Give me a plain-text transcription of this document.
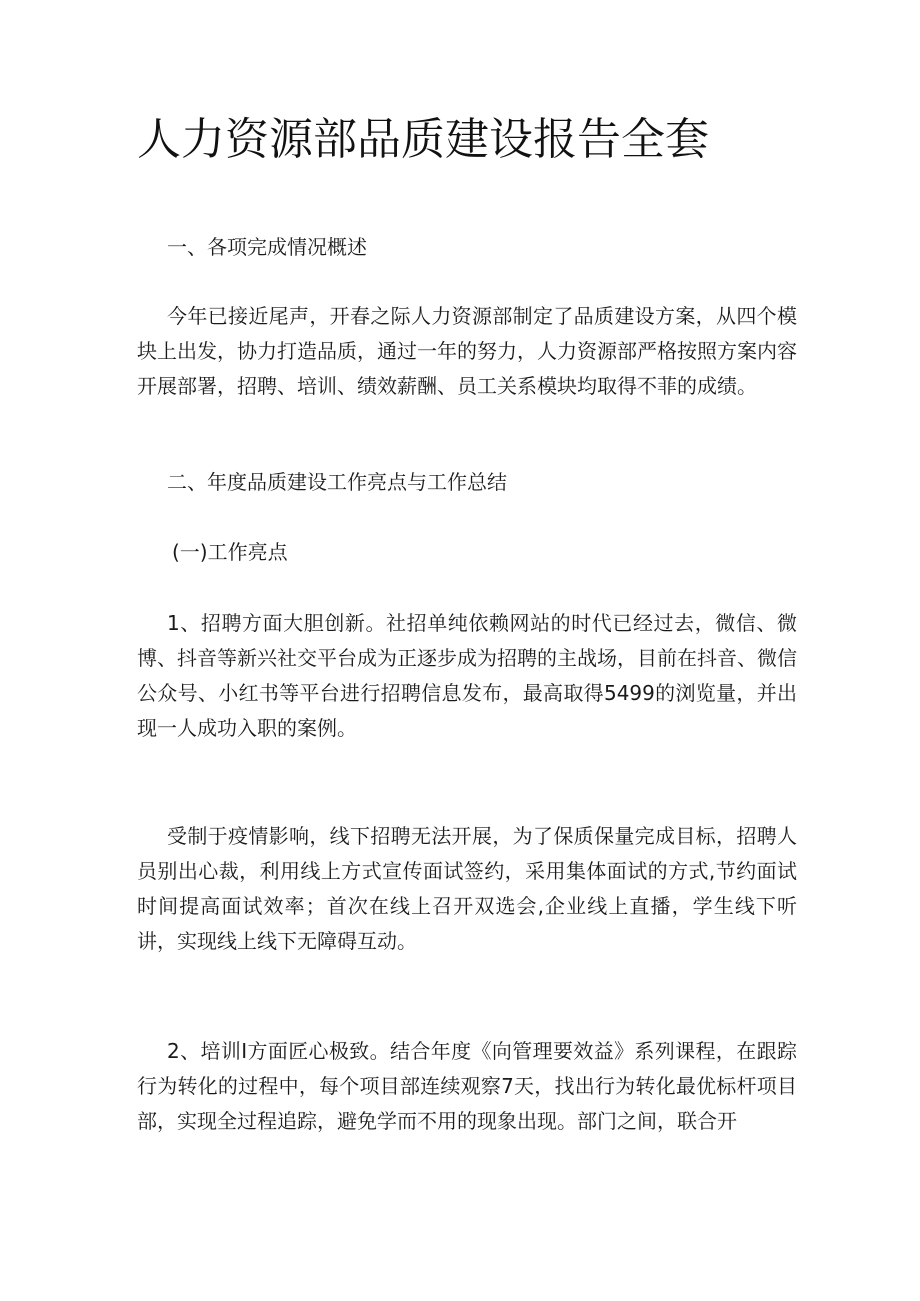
人力资源部品质建设报告全套

一、各项完成情况概述

今年已接近尾声，开春之际人力资源部制定了品质建设方案，从四个模块上出发，协力打造品质，通过一年的努力，人力资源部严格按照方案内容开展部署，招聘、培训、绩效薪酬、员工关系模块均取得不菲的成绩。

二、年度品质建设工作亮点与工作总结

(一)工作亮点

1、招聘方面大胆创新。社招单纯依赖网站的时代已经过去，微信、微博、抖音等新兴社交平台成为正逐步成为招聘的主战场，目前在抖音、微信公众号、小红书等平台进行招聘信息发布，最高取得5499的浏览量，并出现一人成功入职的案例。

受制于疫情影响，线下招聘无法开展，为了保质保量完成目标，招聘人员别出心裁，利用线上方式宣传面试签约，采用集体面试的方式,节约面试时间提高面试效率；首次在线上召开双选会,企业线上直播，学生线下听讲，实现线上线下无障碍互动。

2、培训I方面匠心极致。结合年度《向管理要效益》系列课程，在跟踪行为转化的过程中，每个项目部连续观察7天，找出行为转化最优标杆项目部，实现全过程追踪，避免学而不用的现象出现。部门之间，联合开
